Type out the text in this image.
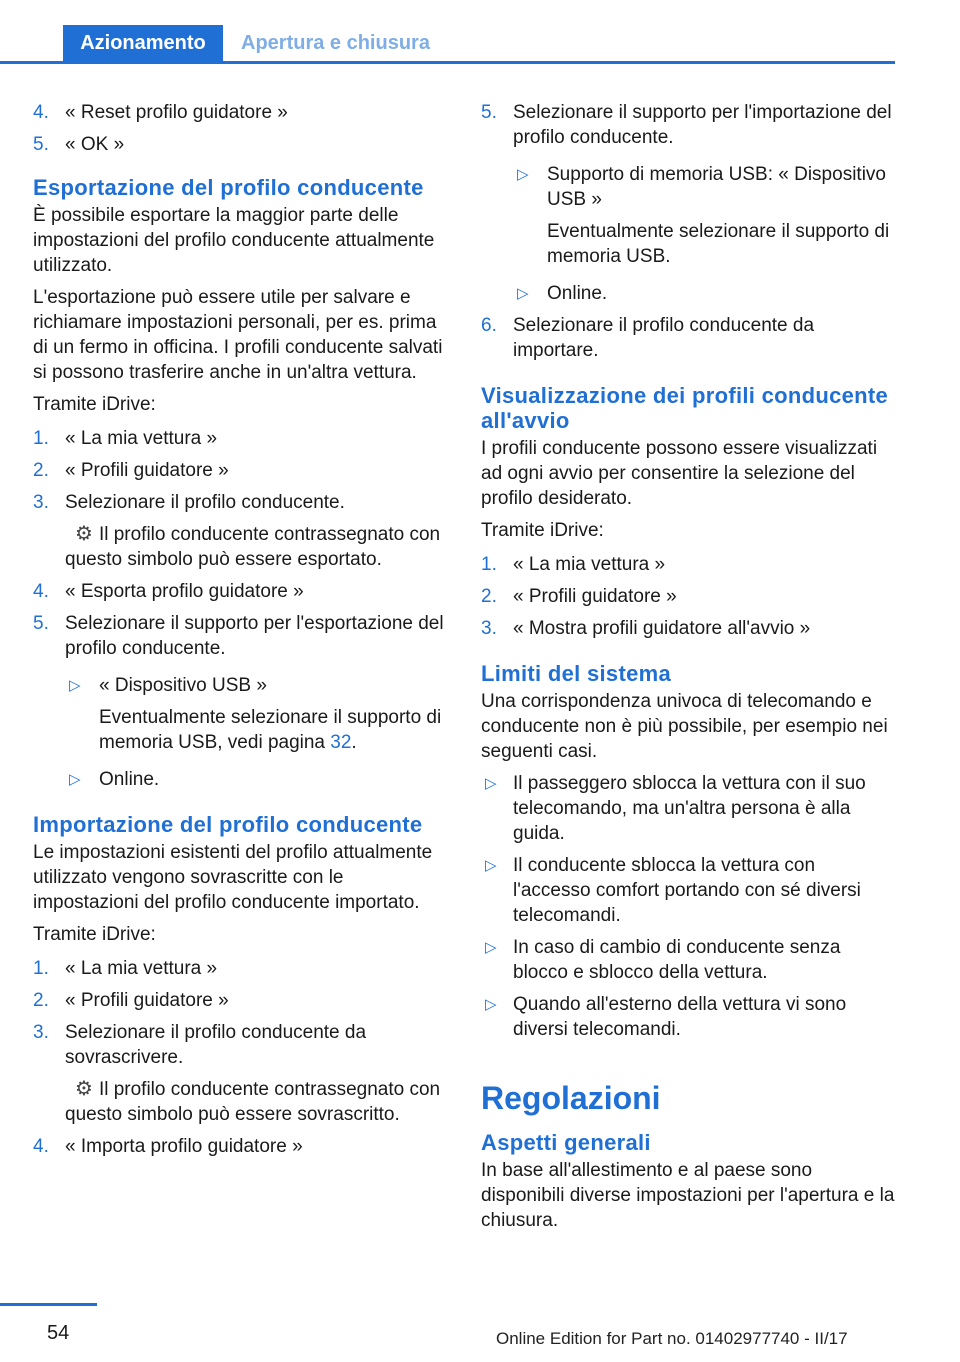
Azionamento	Apertura e chiusura
4. « Reset profilo guidatore »
5. « OK »
Esportazione del profilo conducente

È possibile esportare la maggior parte delle impostazioni del profilo conducente attualmente utilizzato.

L'esportazione può essere utile per salvare e richiamare impostazioni personali, per es. prima di un fermo in officina. I profili conducente salvati si possono trasferire anche in un'altra vettura.

Tramite iDrive:

1. « La mia vettura »
2. « Profili guidatore »
3. Selezionare il profilo conducente.
⚙ Il profilo conducente contrassegnato con questo simbolo può essere esportato.
4. « Esporta profilo guidatore »
5. Selezionare il supporto per l'esportazione del profilo conducente.
▷ « Dispositivo USB »
Eventualmente selezionare il supporto di memoria USB, vedi pagina 32.
▷ Online.
Importazione del profilo conducente

Le impostazioni esistenti del profilo attualmente utilizzato vengono sovrascritte con le impostazioni del profilo conducente importato.

Tramite iDrive:

1. « La mia vettura »
2. « Profili guidatore »
3. Selezionare il profilo conducente da sovrascrivere.
⚙ Il profilo conducente contrassegnato con questo simbolo può essere sovrascritto.
4. « Importa profilo guidatore »
5. Selezionare il supporto per l'importazione del profilo conducente.
▷ Supporto di memoria USB: « Dispositivo USB »
Eventualmente selezionare il supporto di memoria USB.
▷ Online.
6. Selezionare il profilo conducente da importare.
Visualizzazione dei profili conducente all'avvio

I profili conducente possono essere visualizzati ad ogni avvio per consentire la selezione del profilo desiderato.

Tramite iDrive:

1. « La mia vettura »
2. « Profili guidatore »
3. « Mostra profili guidatore all'avvio »
Limiti del sistema

Una corrispondenza univoca di telecomando e conducente non è più possibile, per esempio nei seguenti casi.

▷ Il passeggero sblocca la vettura con il suo telecomando, ma un'altra persona è alla guida.
▷ Il conducente sblocca la vettura con l'accesso comfort portando con sé diversi telecomandi.
▷ In caso di cambio di conducente senza blocco e sblocco della vettura.
▷ Quando all'esterno della vettura vi sono diversi telecomandi.
Regolazioni
Aspetti generali

In base all'allestimento e al paese sono disponibili diverse impostazioni per l'apertura e la chiusura.

54	Online Edition for Part no. 01402977740 - II/17
